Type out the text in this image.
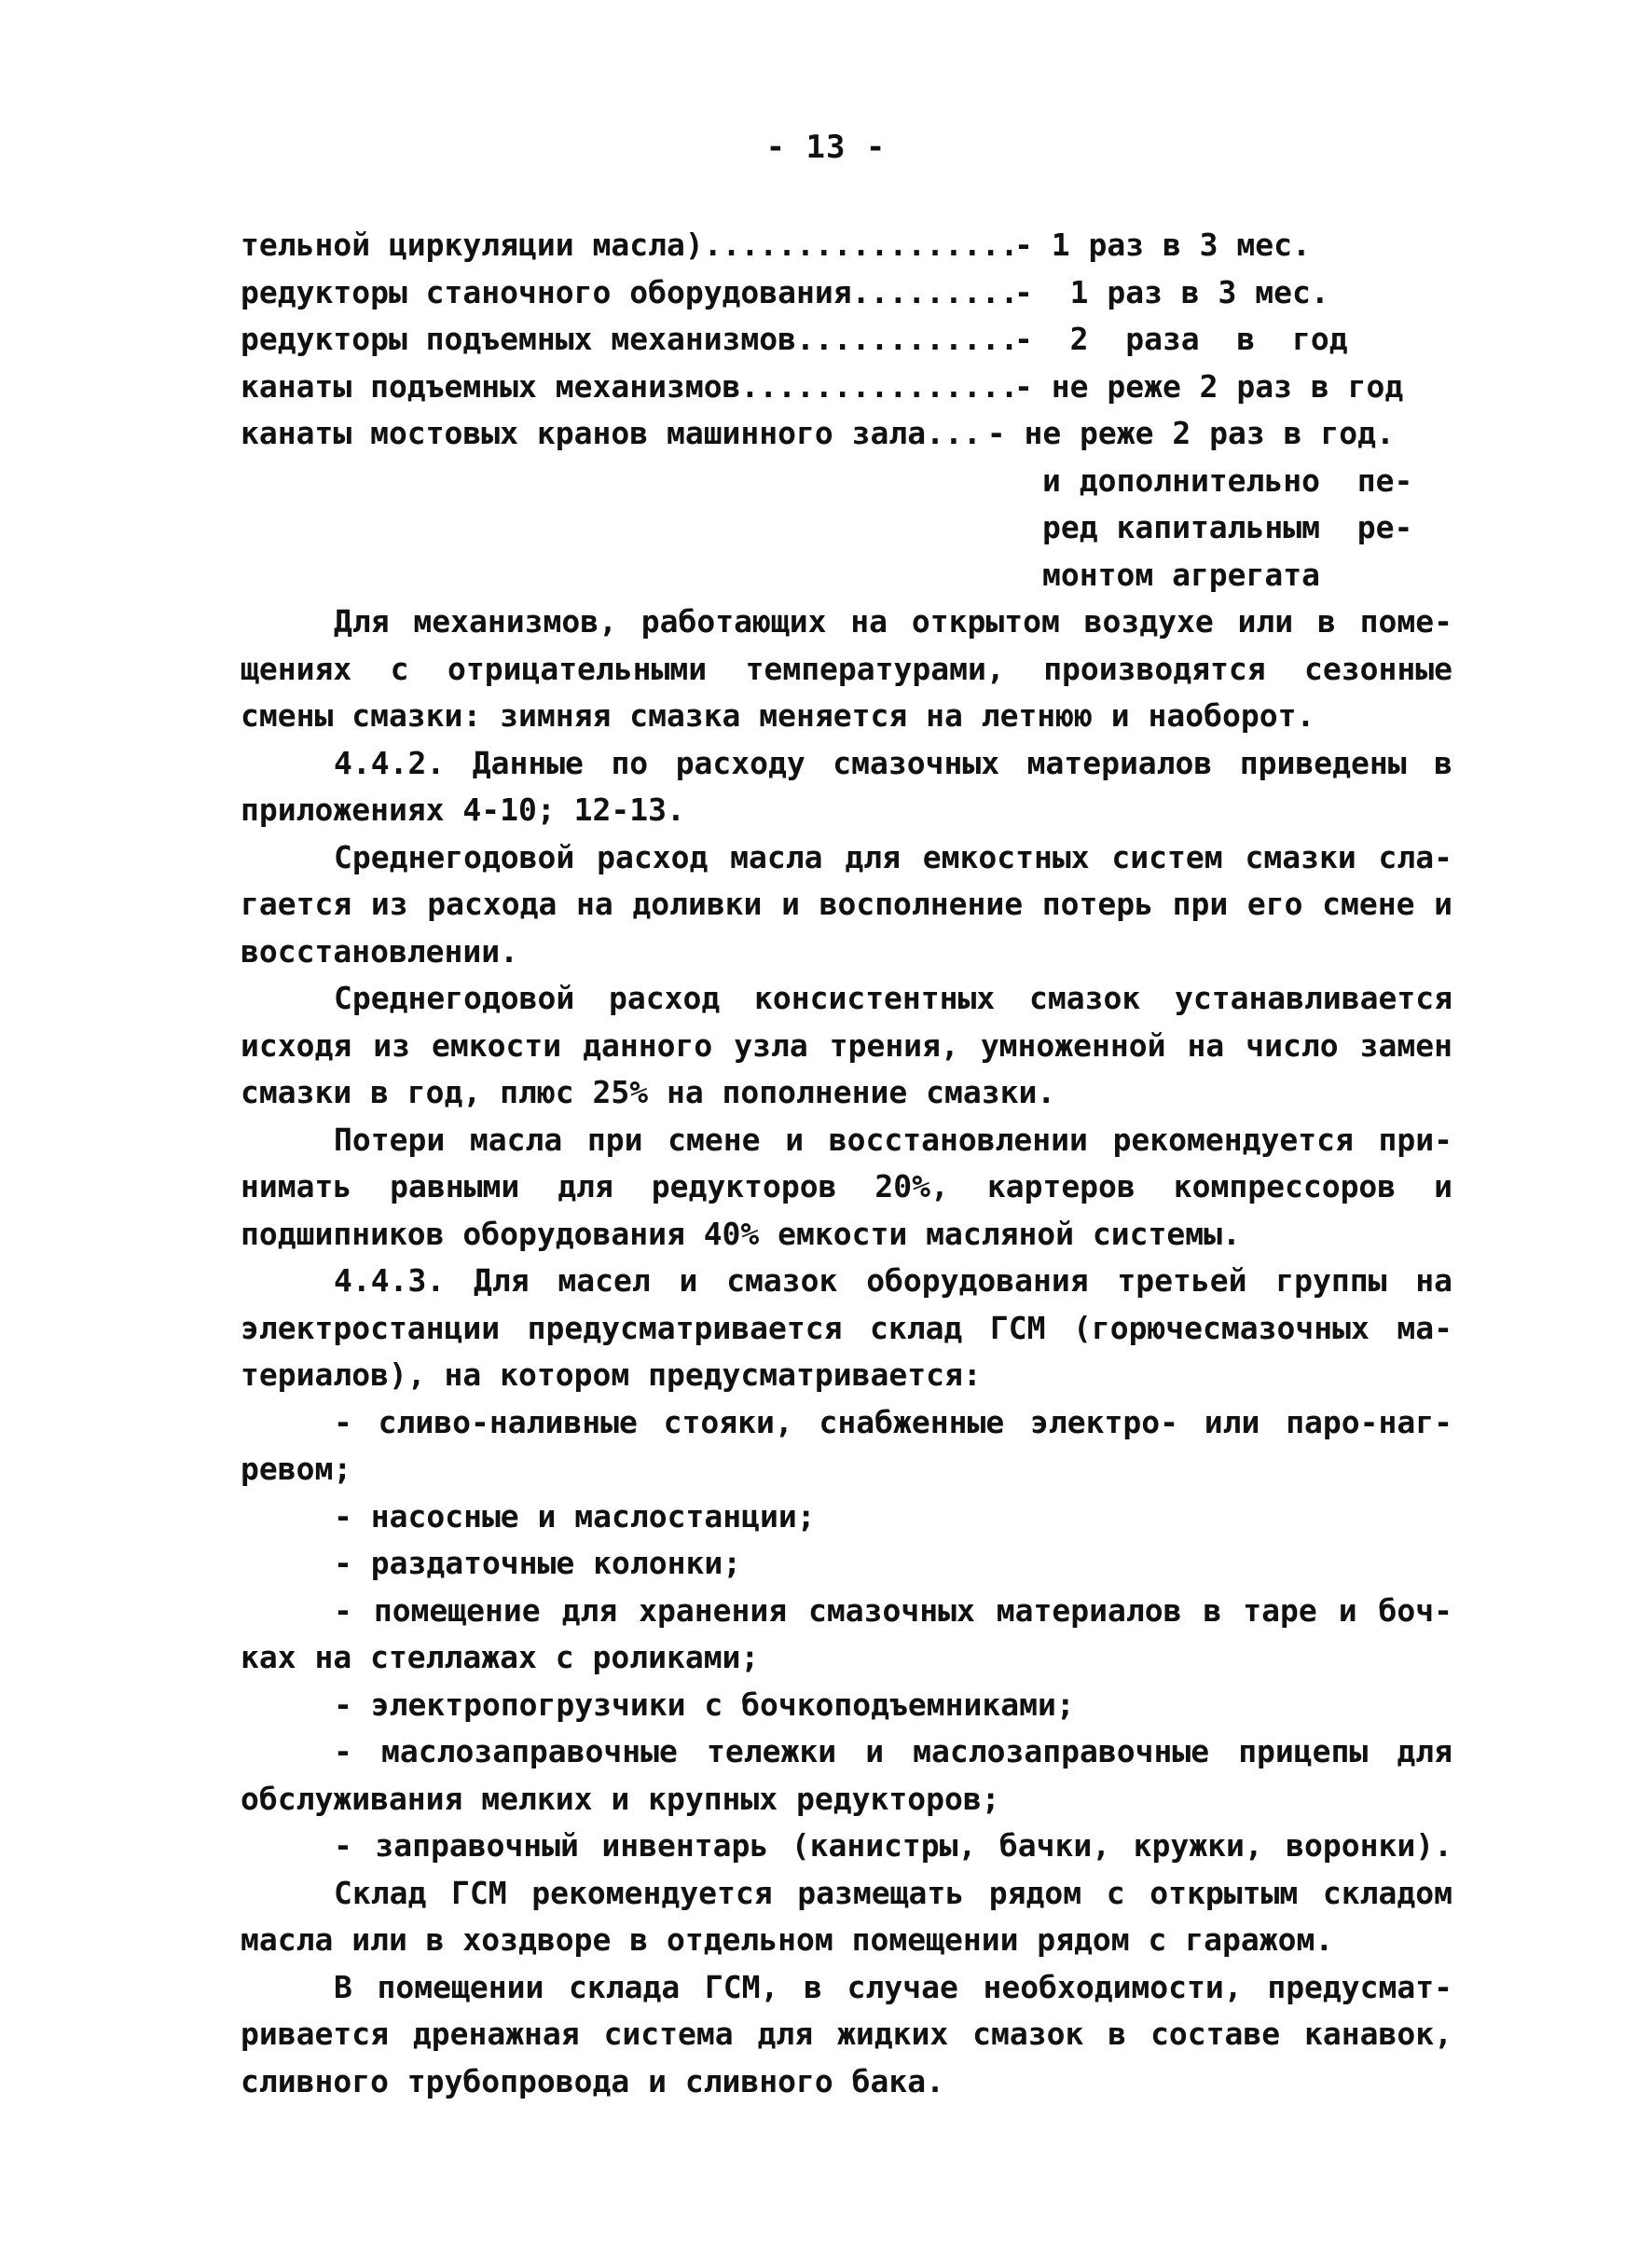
- 13 -
тельной циркуляции масла) .....	- 1 раз в 3 мес.
редукторы станочного оборудования .....	-  1 раз в 3 мес.
редукторы подъемных механизмов .....	-  2  раза  в  год
канаты подъемных механизмов .....	- не реже 2 раз в год
канаты мостовых кранов машинного зала... - не реже 2 раз в год.
и дополнительно  пе-
ред капитальным  ре-
монтом агрегата
Для механизмов, работающих на открытом воздухе или в поме-
щениях с отрицательными температурами, производятся сезонные
смены смазки: зимняя смазка меняется на летнюю и наоборот.
4.4.2. Данные по расходу смазочных материалов приведены в
приложениях 4-10; 12-13.
Среднегодовой расход масла для емкостных систем смазки сла-
гается из расхода на доливки и восполнение потерь при его смене и
восстановлении.
Среднегодовой расход консистентных смазок устанавливается
исходя из емкости данного узла трения, умноженной на число замен
смазки в год, плюс 25% на пополнение смазки.
Потери масла при смене и восстановлении рекомендуется при-
нимать равными для редукторов 20%, картеров компрессоров и
подшипников оборудования 40% емкости масляной системы.
4.4.3. Для масел и смазок оборудования третьей группы на
электростанции предусматривается склад ГСМ (горючесмазочных ма-
териалов), на котором предусматривается:
- сливо-наливные стояки, снабженные электро- или паро-наг-
ревом;
- насосные и маслостанции;
- раздаточные колонки;
- помещение для хранения смазочных материалов в таре и боч-
ках на стеллажах с роликами;
- электропогрузчики с бочкоподъемниками;
- маслозаправочные тележки и маслозаправочные прицепы для
обслуживания мелких и крупных редукторов;
- заправочный инвентарь (канистры, бачки, кружки, воронки).
Склад ГСМ рекомендуется размещать рядом с открытым складом
масла или в хоздворе в отдельном помещении рядом с гаражом.
В помещении склада ГСМ, в случае необходимости, предусмат-
ривается дренажная система для жидких смазок в составе канавок,
сливного трубопровода и сливного бака.
